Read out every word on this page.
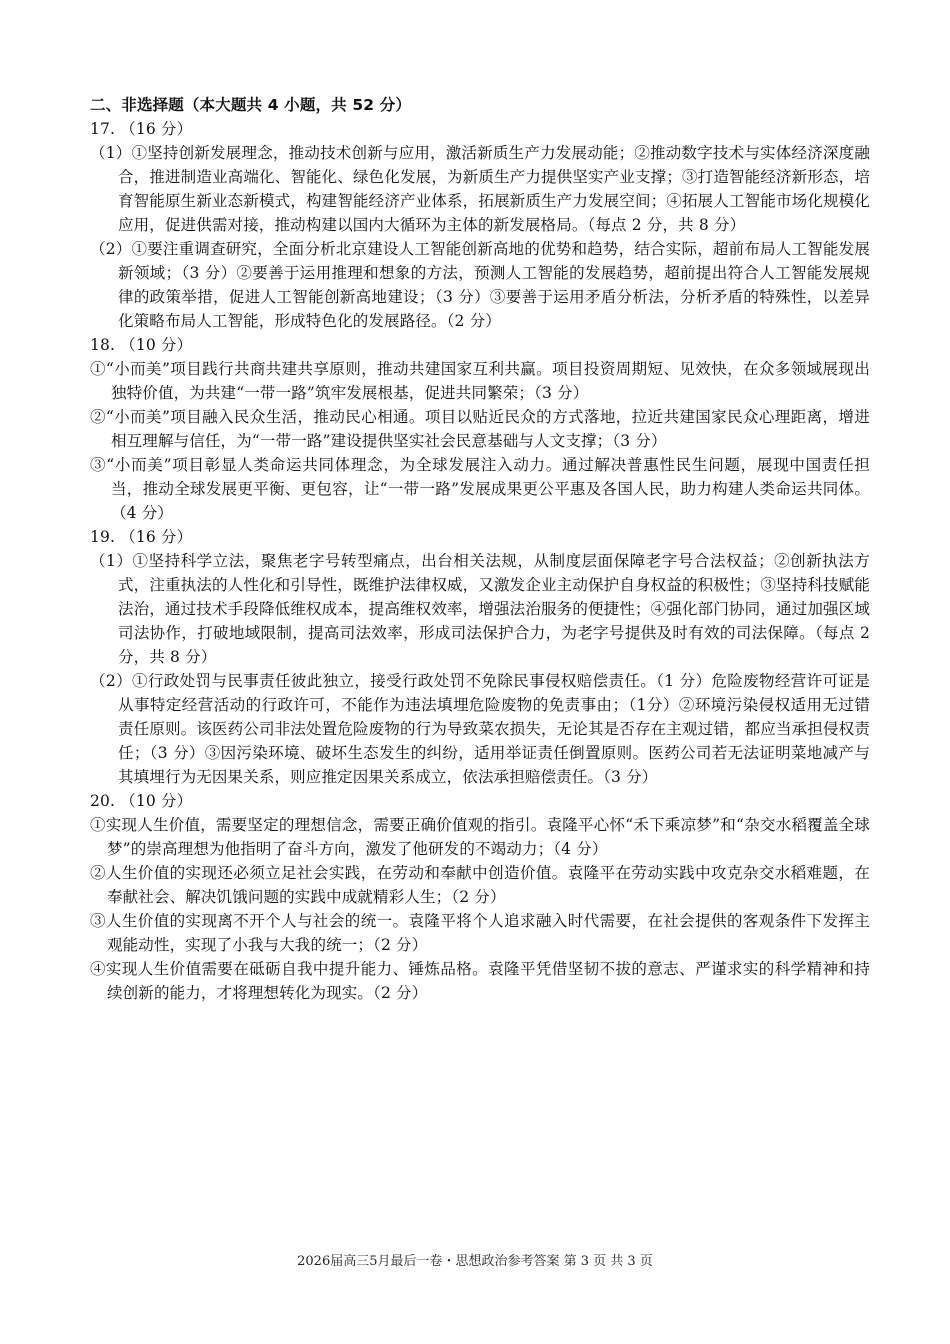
二、非选择题（本大题共 4 小题，共 52 分）

17. （16 分）

（1）①坚持创新发展理念，推动技术创新与应用，激活新质生产力发展动能；②推动数字技术与实体经济深度融合，推进制造业高端化、智能化、绿色化发展，为新质生产力提供坚实产业支撑；③打造智能经济新形态，培育智能原生新业态新模式，构建智能经济产业体系，拓展新质生产力发展空间；④拓展人工智能市场化规模化应用，促进供需对接，推动构建以国内大循环为主体的新发展格局。（每点 2 分，共 8 分）

（2）①要注重调查研究，全面分析北京建设人工智能创新高地的优势和趋势，结合实际，超前布局人工智能发展新领域；（3 分）②要善于运用推理和想象的方法，预测人工智能的发展趋势，超前提出符合人工智能发展规律的政策举措，促进人工智能创新高地建设；（3 分）③要善于运用矛盾分析法，分析矛盾的特殊性，以差异化策略布局人工智能，形成特色化的发展路径。（2 分）

18. （10 分）

①“小而美”项目践行共商共建共享原则，推动共建国家互利共赢。项目投资周期短、见效快，在众多领域展现出独特价值，为共建“一带一路”筑牢发展根基，促进共同繁荣；（3 分）

②“小而美”项目融入民众生活，推动民心相通。项目以贴近民众的方式落地，拉近共建国家民众心理距离，增进相互理解与信任，为“一带一路”建设提供坚实社会民意基础与人文支撑；（3 分）

③“小而美”项目彰显人类命运共同体理念，为全球发展注入动力。通过解决普惠性民生问题，展现中国责任担当，推动全球发展更平衡、更包容，让“一带一路”发展成果更公平惠及各国人民，助力构建人类命运共同体。（4 分）

19. （16 分）

（1）①坚持科学立法，聚焦老字号转型痛点，出台相关法规，从制度层面保障老字号合法权益；②创新执法方式，注重执法的人性化和引导性，既维护法律权威，又激发企业主动保护自身权益的积极性；③坚持科技赋能法治，通过技术手段降低维权成本，提高维权效率，增强法治服务的便捷性；④强化部门协同，通过加强区域司法协作，打破地域限制，提高司法效率，形成司法保护合力，为老字号提供及时有效的司法保障。（每点 2 分，共 8 分）

（2）①行政处罚与民事责任彼此独立，接受行政处罚不免除民事侵权赔偿责任。（1 分）危险废物经营许可证是从事特定经营活动的行政许可，不能作为违法填埋危险废物的免责事由；（1分）②环境污染侵权适用无过错责任原则。该医药公司非法处置危险废物的行为导致菜农损失，无论其是否存在主观过错，都应当承担侵权责任；（3 分）③因污染环境、破坏生态发生的纠纷，适用举证责任倒置原则。医药公司若无法证明菜地减产与其填埋行为无因果关系，则应推定因果关系成立，依法承担赔偿责任。（3 分）

20. （10 分）

①实现人生价值，需要坚定的理想信念，需要正确价值观的指引。袁隆平心怀“禾下乘凉梦”和“杂交水稻覆盖全球梦”的崇高理想为他指明了奋斗方向，激发了他研发的不竭动力；（4 分）

②人生价值的实现还必须立足社会实践，在劳动和奉献中创造价值。袁隆平在劳动实践中攻克杂交水稻难题，在奉献社会、解决饥饿问题的实践中成就精彩人生；（2 分）

③人生价值的实现离不开个人与社会的统一。袁隆平将个人追求融入时代需要，在社会提供的客观条件下发挥主观能动性，实现了小我与大我的统一；（2 分）

④实现人生价值需要在砥砺自我中提升能力、锤炼品格。袁隆平凭借坚韧不拔的意志、严谨求实的科学精神和持续创新的能力，才将理想转化为现实。（2 分）

2026届高三5月最后一卷・思想政治参考答案 第 3 页 共 3 页
